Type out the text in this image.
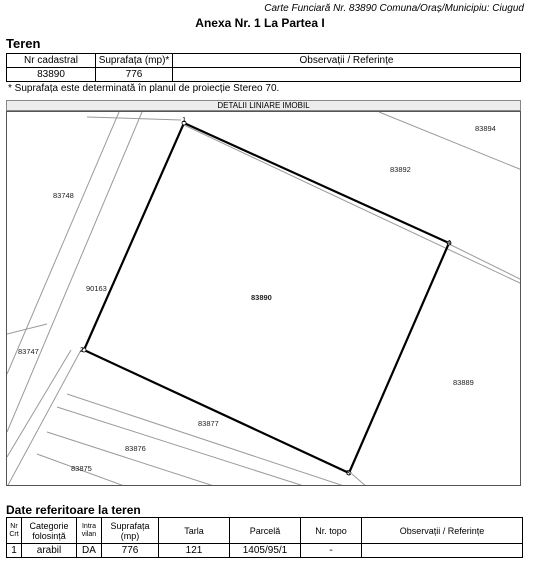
Carte Funciară Nr. 83890 Comuna/Oraș/Municipiu: Ciugud
Anexa Nr. 1 La Partea I
Teren
Nr cadastral	Suprafața (mp)*	Observații / Referințe
83890	776	
* Suprafața este determinată în planul de proiecție Stereo 70.
DETALII LINIARE IMOBIL
1
4
3
2
83890
83894
83892
83748
90163
83747
83889
83877
83876
83875
Date referitoare la teren
Nr Crt	Categorie folosință	Intra vilan	Suprafața (mp)	Tarla	Parcelă	Nr. topo	Observații / Referințe
1	arabil	DA	776	121	1405/95/1	-	
